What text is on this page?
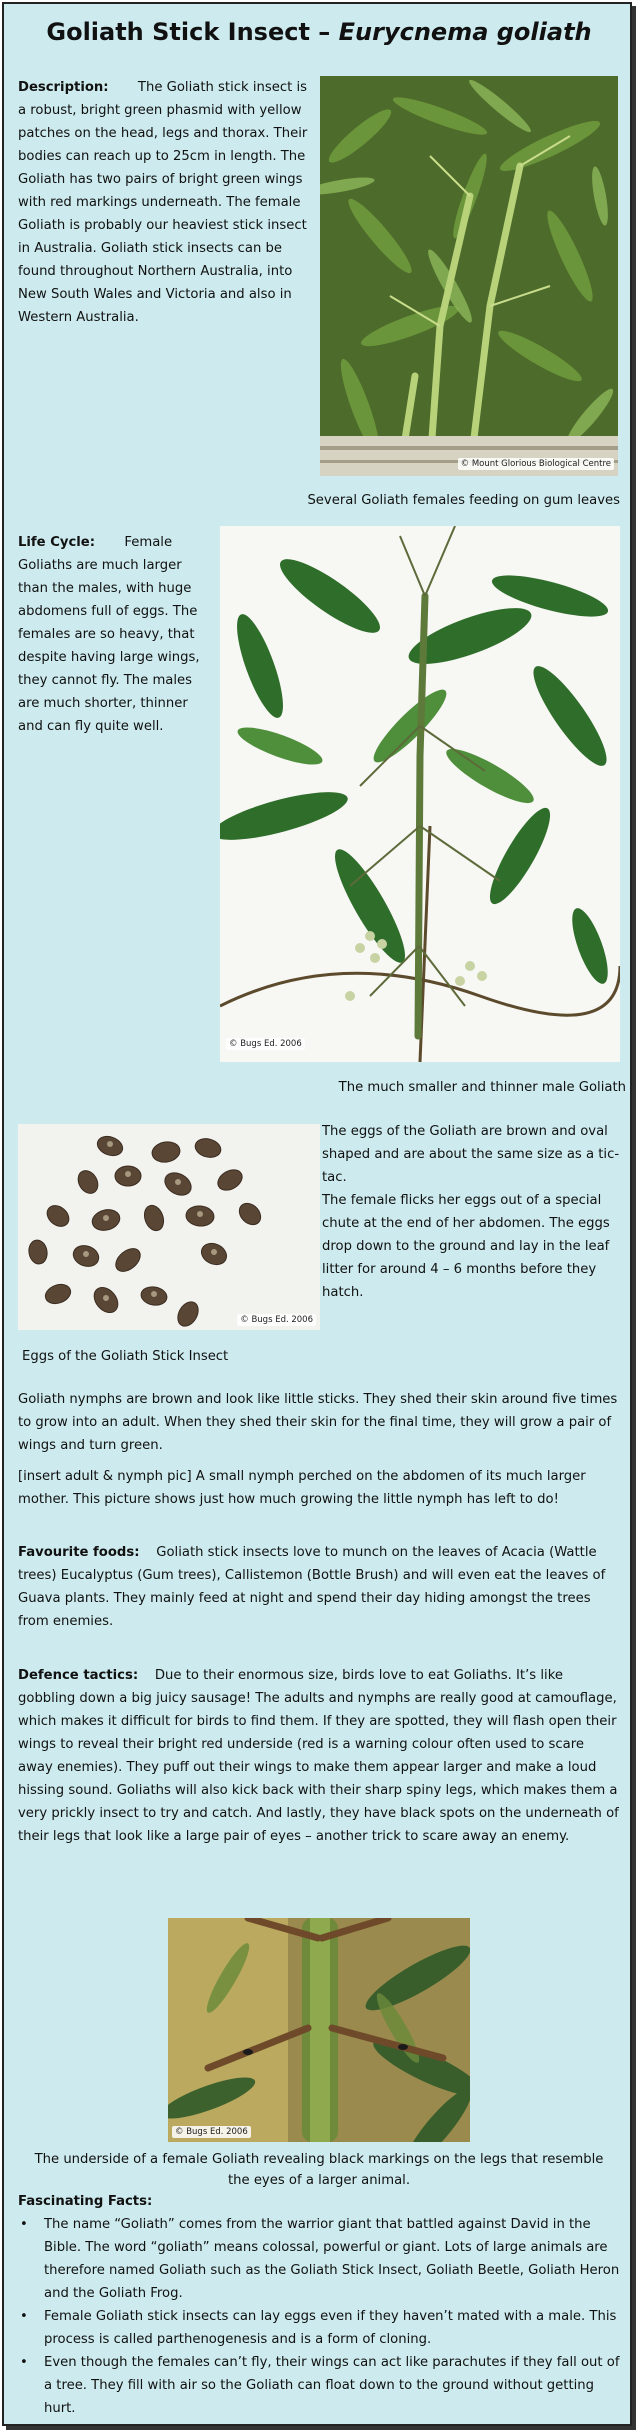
Goliath Stick Insect – Eurycnema goliath
Description: The Goliath stick insect is a robust, bright green phasmid with yellow patches on the head, legs and thorax. Their bodies can reach up to 25cm in length. The Goliath has two pairs of bright green wings with red markings underneath. The female Goliath is probably our heaviest stick insect in Australia. Goliath stick insects can be found throughout Northern Australia, into New South Wales and Victoria and also in Western Australia.
© Mount Glorious Biological Centre
Several Goliath females feeding on gum leaves
Life Cycle: Female Goliaths are much larger than the males, with huge abdomens full of eggs. The females are so heavy, that despite having large wings, they cannot fly. The males are much shorter, thinner and can fly quite well.
© Bugs Ed. 2006
The much smaller and thinner male Goliath
© Bugs Ed. 2006
The eggs of the Goliath are brown and oval shaped and are about the same size as a tic-tac.
The female flicks her eggs out of a special chute at the end of her abdomen. The eggs drop down to the ground and lay in the leaf litter for around 4 – 6 months before they hatch.
Eggs of the Goliath Stick Insect
Goliath nymphs are brown and look like little sticks. They shed their skin around five times to grow into an adult. When they shed their skin for the final time, they will grow a pair of wings and turn green.
[insert adult & nymph pic] A small nymph perched on the abdomen of its much larger mother. This picture shows just how much growing the little nymph has left to do!
Favourite foods: Goliath stick insects love to munch on the leaves of Acacia (Wattle trees) Eucalyptus (Gum trees), Callistemon (Bottle Brush) and will even eat the leaves of Guava plants. They mainly feed at night and spend their day hiding amongst the trees from enemies.
Defence tactics: Due to their enormous size, birds love to eat Goliaths. It’s like gobbling down a big juicy sausage! The adults and nymphs are really good at camouflage, which makes it difficult for birds to find them. If they are spotted, they will flash open their wings to reveal their bright red underside (red is a warning colour often used to scare away enemies). They puff out their wings to make them appear larger and make a loud hissing sound. Goliaths will also kick back with their sharp spiny legs, which makes them a very prickly insect to try and catch. And lastly, they have black spots on the underneath of their legs that look like a large pair of eyes – another trick to scare away an enemy.
© Bugs Ed. 2006
The underside of a female Goliath revealing black markings on the legs that resemble the eyes of a larger animal.
Fascinating Facts:
• The name “Goliath” comes from the warrior giant that battled against David in the Bible. The word “goliath” means colossal, powerful or giant. Lots of large animals are therefore named Goliath such as the Goliath Stick Insect, Goliath Beetle, Goliath Heron and the Goliath Frog.
• Female Goliath stick insects can lay eggs even if they haven’t mated with a male. This process is called parthenogenesis and is a form of cloning.
• Even though the females can’t fly, their wings can act like parachutes if they fall out of a tree. They fill with air so the Goliath can float down to the ground without getting hurt.
